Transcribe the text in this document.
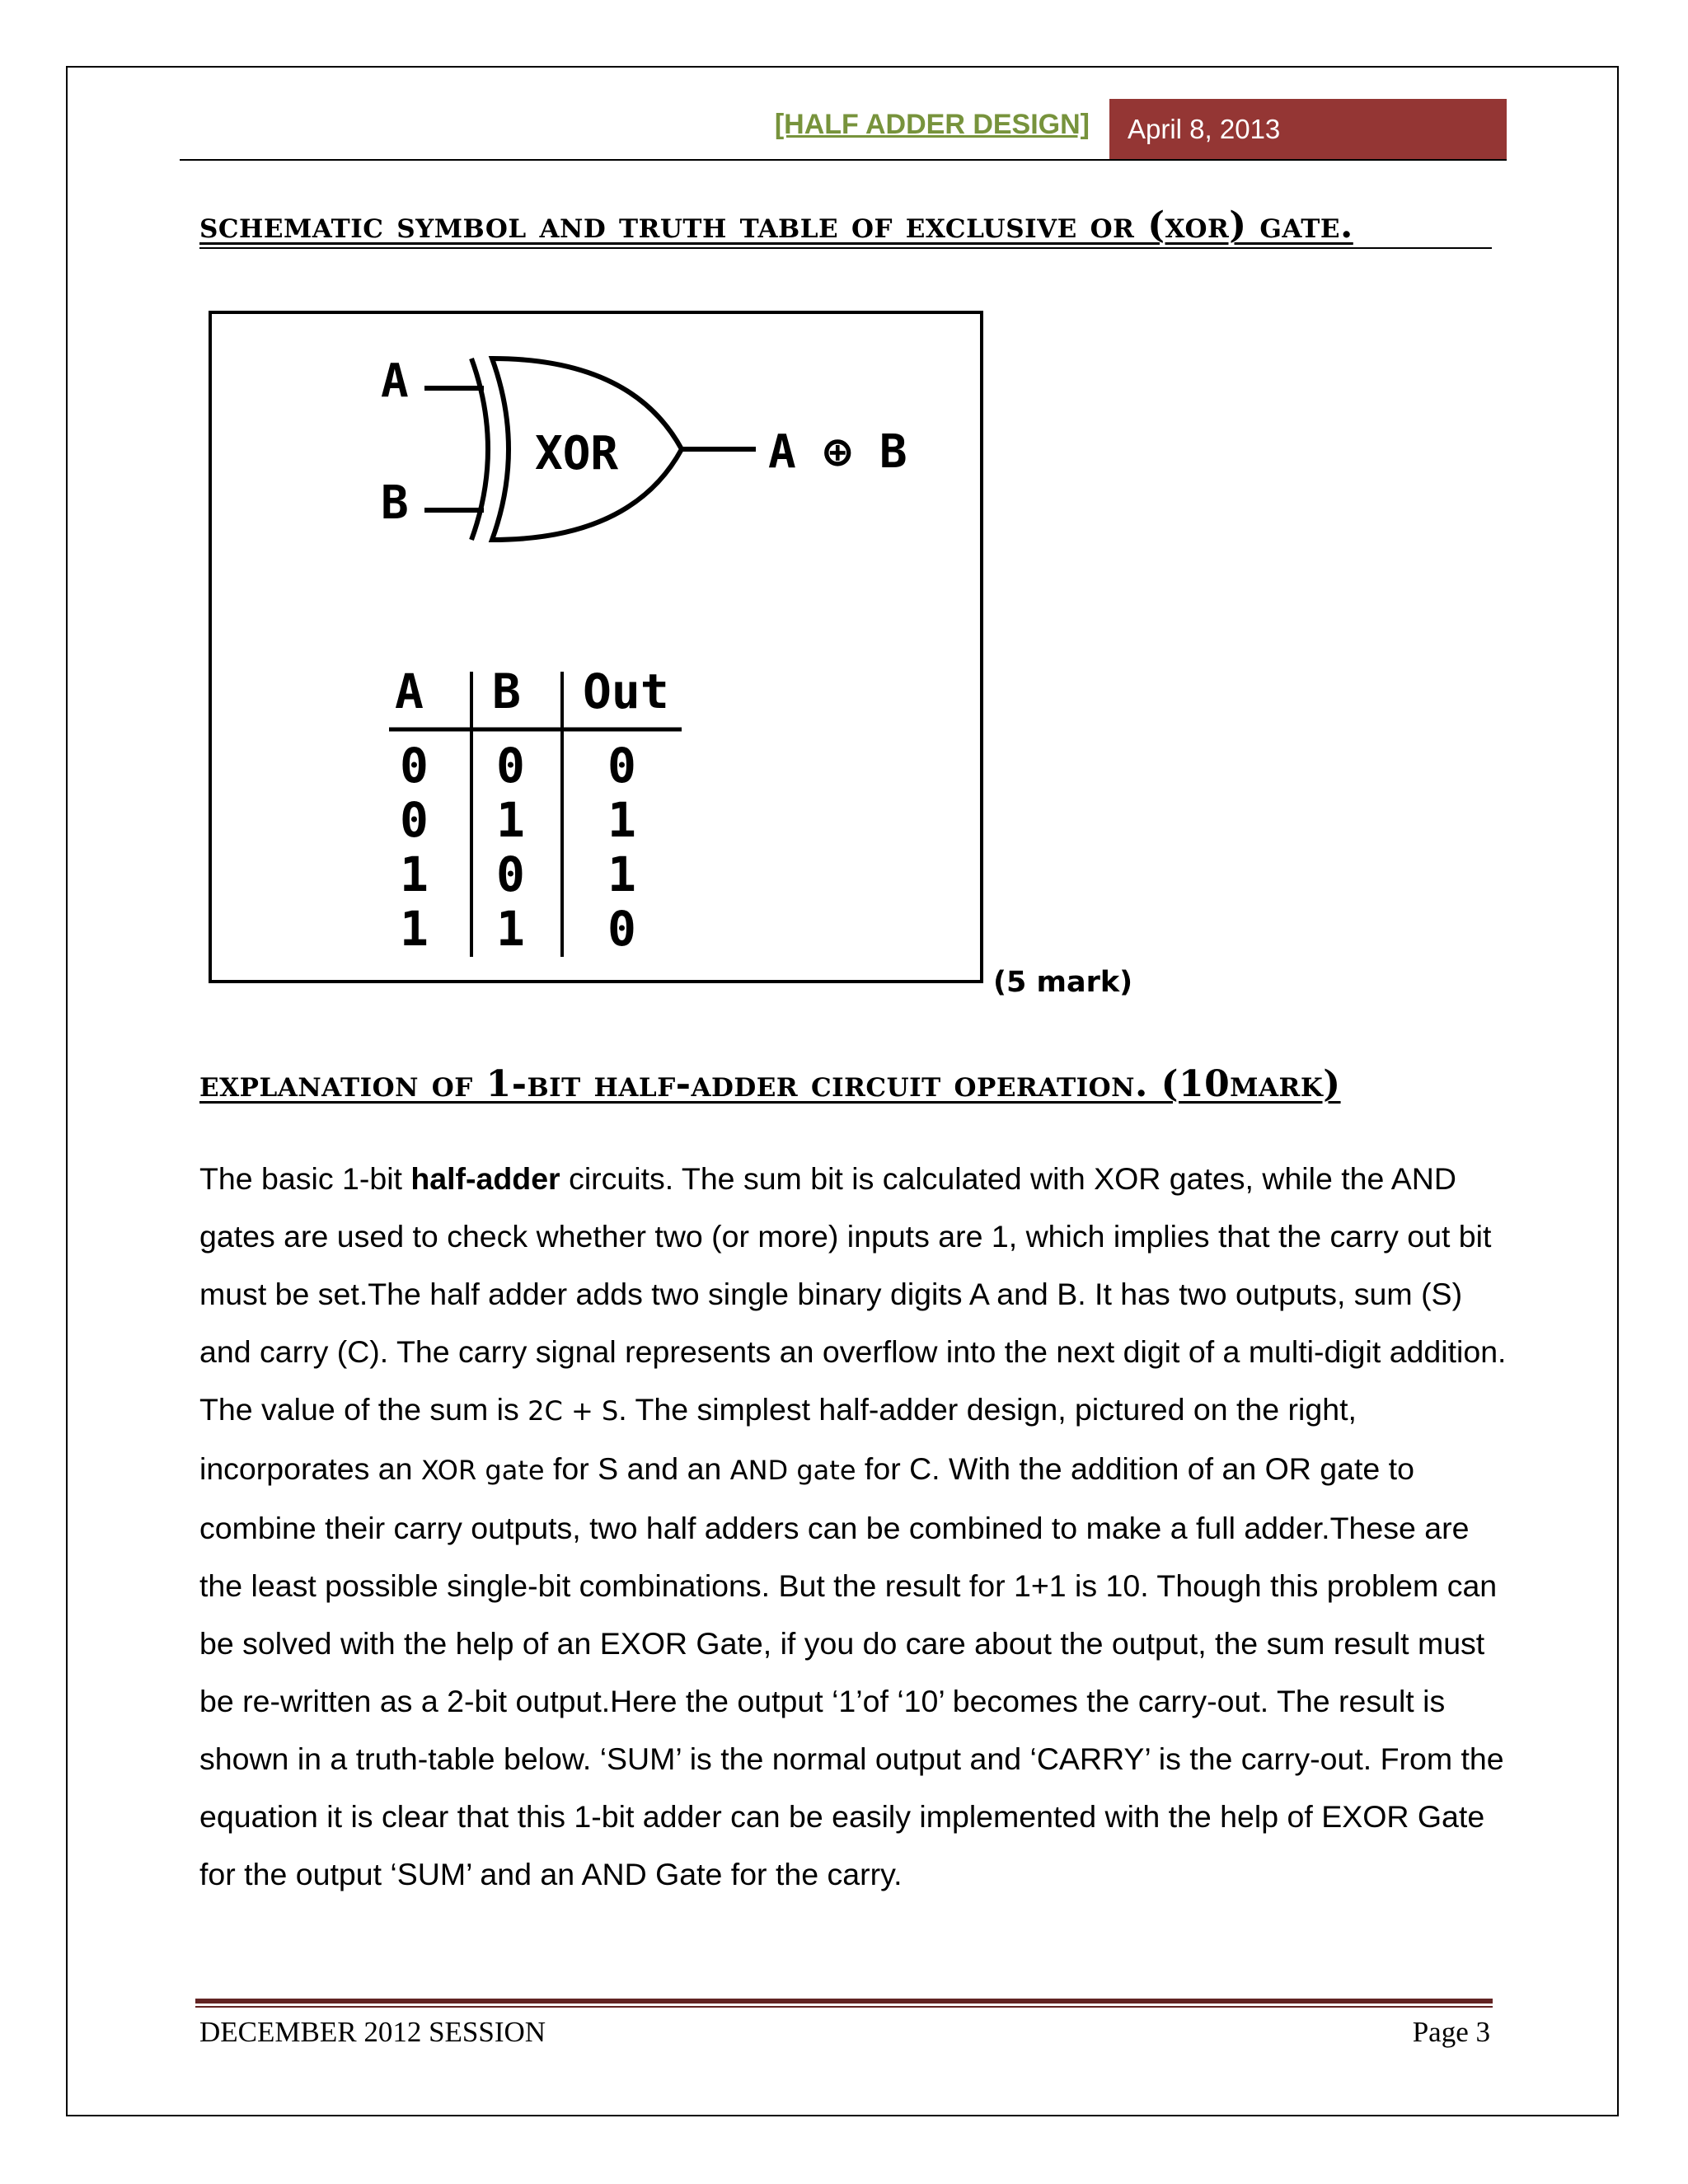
[HALF ADDER DESIGN]	April 8, 2013
schematic symbol and truth table of exclusive or (xor) gate.
A
B
XOR	A ⊕ B
A B Out
0 0 0
0 1 1
1 0 1
1 1 0
(5 mark)
explanation of 1-bit half-adder circuit operation. (10mark)

The basic 1-bit half-adder circuits. The sum bit is calculated with XOR gates, while the AND gates are used to check whether two (or more) inputs are 1, which implies that the carry out bit must be set.The half adder adds two single binary digits A and B. It has two outputs, sum (S) and carry (C). The carry signal represents an overflow into the next digit of a multi-digit addition. The value of the sum is 2C + S. The simplest half-adder design, pictured on the right, incorporates an XOR gate for S and an AND gate for C. With the addition of an OR gate to combine their carry outputs, two half adders can be combined to make a full adder.These are the least possible single-bit combinations. But the result for 1+1 is 10. Though this problem can be solved with the help of an EXOR Gate, if you do care about the output, the sum result must be re-written as a 2-bit output.Here the output ‘1’of ‘10’ becomes the carry-out. The result is shown in a truth-table below. ‘SUM’ is the normal output and ‘CARRY’ is the carry-out. From the equation it is clear that this 1-bit adder can be easily implemented with the help of EXOR Gate for the output ‘SUM’ and an AND Gate for the carry.

DECEMBER 2012 SESSION	Page 3
